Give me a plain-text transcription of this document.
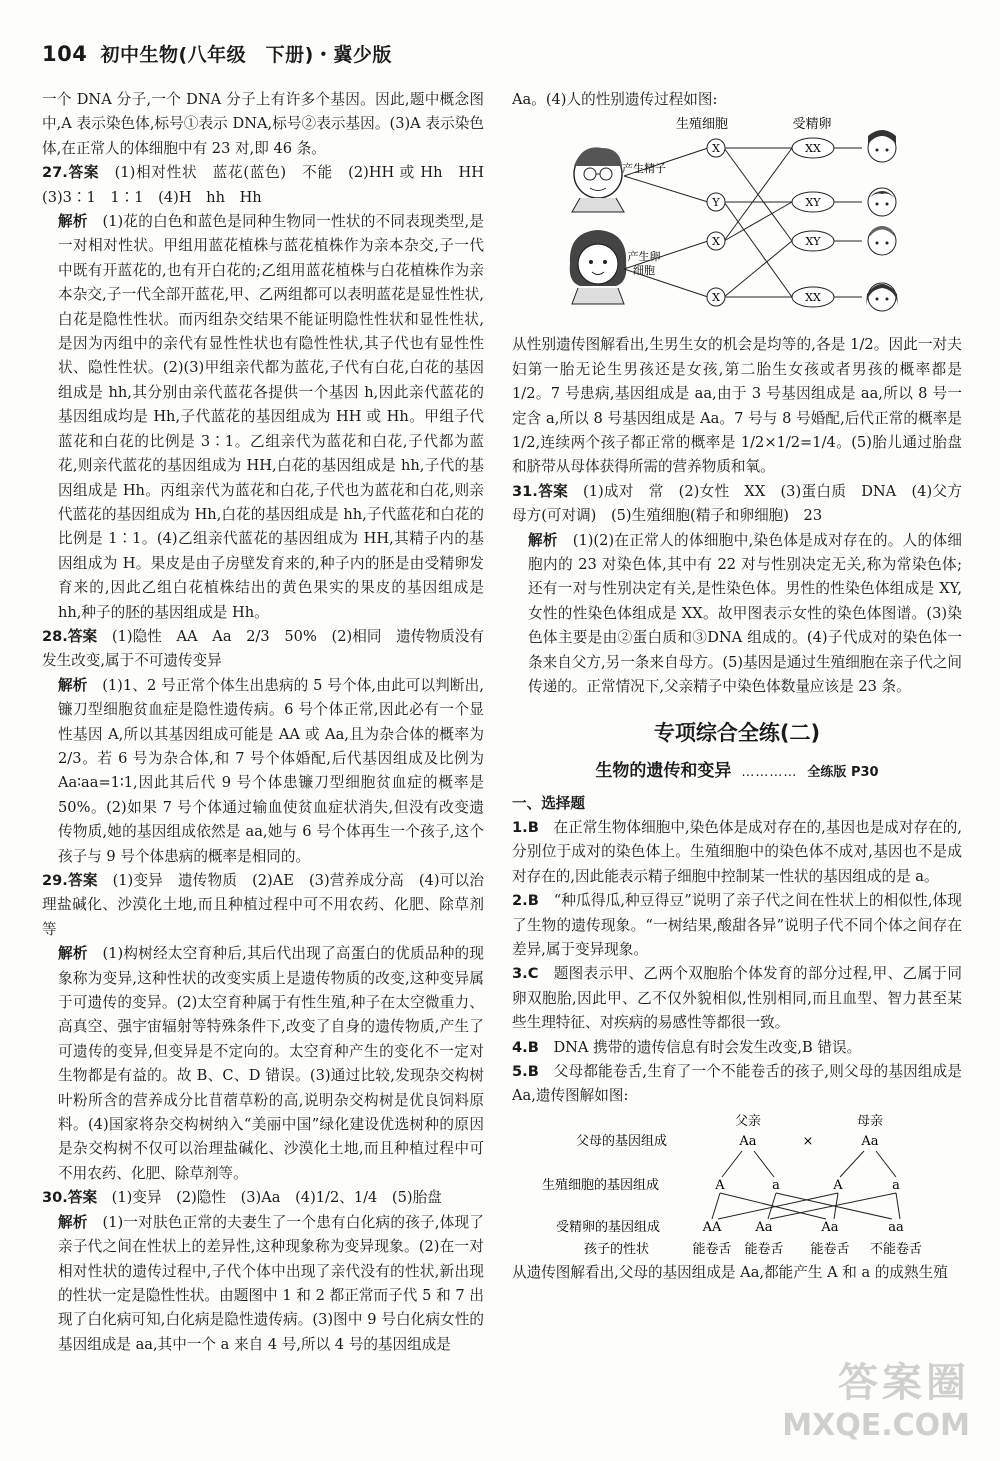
104 初中生物(八年级　下册)・冀少版

一个 DNA 分子,一个 DNA 分子上有许多个基因。因此,题中概念图中,A 表示染色体,标号①表示 DNA,标号②表示基因。(3)A 表示染色体,在正常人的体细胞中有 23 对,即 46 条。

27.答案　 (1)相对性状　蓝花(蓝色)　不能　(2)HH 或 Hh　HH　(3)3∶1　1∶1　(4)H　hh　Hh

解析　 (1)花的白色和蓝色是同种生物同一性状的不同表现类型,是一对相对性状。甲组用蓝花植株与蓝花植株作为亲本杂交,子一代中既有开蓝花的,也有开白花的;乙组用蓝花植株与白花植株作为亲本杂交,子一代全部开蓝花,甲、乙两组都可以表明蓝花是显性性状,白花是隐性性状。而丙组杂交结果不能证明隐性性状和显性性状,是因为丙组中的亲代有显性性状也有隐性性状,其子代也有显性性状、隐性性状。(2)(3)甲组亲代都为蓝花,子代有白花,白花的基因组成是 hh,其分别由亲代蓝花各提供一个基因 h,因此亲代蓝花的基因组成均是 Hh,子代蓝花的基因组成为 HH 或 Hh。甲组子代蓝花和白花的比例是 3∶1。乙组亲代为蓝花和白花,子代都为蓝花,则亲代蓝花的基因组成为 HH,白花的基因组成是 hh,子代的基因组成是 Hh。丙组亲代为蓝花和白花,子代也为蓝花和白花,则亲代蓝花的基因组成为 Hh,白花的基因组成是 hh,子代蓝花和白花的比例是 1∶1。(4)乙组亲代蓝花的基因组成为 HH,其精子内的基因组成为 H。果皮是由子房壁发育来的,种子内的胚是由受精卵发育来的,因此乙组白花植株结出的黄色果实的果皮的基因组成是 hh,种子的胚的基因组成是 Hh。

28.答案　 (1)隐性　AA　Aa　2/3　50%　(2)相同　遗传物质没有发生改变,属于不可遗传变异

解析　 (1)1、2 号正常个体生出患病的 5 号个体,由此可以判断出,镰刀型细胞贫血症是隐性遗传病。6 号个体正常,因此必有一个显性基因 A,所以其基因组成可能是 AA 或 Aa,且为杂合体的概率为 2/3。若 6 号为杂合体,和 7 号个体婚配,后代基因组成及比例为 Aa∶aa=1∶1,因此其后代 9 号个体患镰刀型细胞贫血症的概率是 50%。(2)如果 7 号个体通过输血使贫血症状消失,但没有改变遗传物质,她的基因组成依然是 aa,她与 6 号个体再生一个孩子,这个孩子与 9 号个体患病的概率是相同的。

29.答案　 (1)变异　遗传物质　(2)AE　(3)营养成分高　(4)可以治理盐碱化、沙漠化土地,而且种植过程中可不用农药、化肥、除草剂等

解析　 (1)构树经太空育种后,其后代出现了高蛋白的优质品种的现象称为变异,这种性状的改变实质上是遗传物质的改变,这种变异属于可遗传的变异。(2)太空育种属于有性生殖,种子在太空微重力、高真空、强宇宙辐射等特殊条件下,改变了自身的遗传物质,产生了可遗传的变异,但变异是不定向的。太空育种产生的变化不一定对生物都是有益的。故 B、C、D 错误。(3)通过比较,发现杂交构树叶粉所含的营养成分比苜蓿草粉的高,说明杂交构树是优良饲料原料。(4)国家将杂交构树纳入“美丽中国”绿化建设优选树种的原因是杂交构树不仅可以治理盐碱化、沙漠化土地,而且种植过程中可不用农药、化肥、除草剂等。

30.答案　 (1)变异　(2)隐性　(3)Aa　(4)1/2、1/4　(5)胎盘

解析　 (1)一对肤色正常的夫妻生了一个患有白化病的孩子,体现了亲子代之间在性状上的差异性,这种现象称为变异现象。(2)在一对相对性状的遗传过程中,子代个体中出现了亲代没有的性状,新出现的性状一定是隐性性状。由题图中 1 和 2 都正常而子代 5 和 7 出现了白化病可知,白化病是隐性遗传病。(3)图中 9 号白化病女性的基因组成是 aa,其中一个 a 来自 4 号,所以 4 号的基因组成是

Aa。(4)人的性别遗传过程如图:

生殖细胞	受精卵
产生精子
产生卵
细胞
X
Y
X
X
XX
XY
XY
XX

从性别遗传图解看出,生男生女的机会是均等的,各是 1/2。因此一对夫妇第一胎无论生男孩还是女孩,第二胎生女孩或者男孩的概率都是 1/2。7 号患病,基因组成是 aa,由于 3 号基因组成是 aa,所以 8 号一定含 a,所以 8 号基因组成是 Aa。7 号与 8 号婚配,后代正常的概率是 1/2,连续两个孩子都正常的概率是 1/2×1/2=1/4。(5)胎儿通过胎盘和脐带从母体获得所需的营养物质和氧。

31.答案　 (1)成对　常　(2)女性　XX　(3)蛋白质　DNA　(4)父方　母方(可对调)　(5)生殖细胞(精子和卵细胞)　23

解析　 (1)(2)在正常人的体细胞中,染色体是成对存在的。人的体细胞内的 23 对染色体,其中有 22 对与性别决定无关,称为常染色体;还有一对与性别决定有关,是性染色体。男性的性染色体组成是 XY,女性的性染色体组成是 XX。故甲图表示女性的染色体图谱。(3)染色体主要是由②蛋白质和③DNA 组成的。(4)子代成对的染色体一条来自父方,另一条来自母方。(5)基因是通过生殖细胞在亲子代之间传递的。正常情况下,父亲精子中染色体数量应该是 23 条。

专项综合全练(二)
生物的遗传和变异 ………… 全练版 P30

一、选择题

1.B　 在正常生物体细胞中,染色体是成对存在的,基因也是成对存在的,分别位于成对的染色体上。生殖细胞中的染色体不成对,基因也不是成对存在的,因此能表示精子细胞中控制某一性状的基因组成的是 a。

2.B　 “种瓜得瓜,种豆得豆”说明了亲子代之间在性状上的相似性,体现了生物的遗传现象。“一树结果,酸甜各异”说明子代不同个体之间存在差异,属于变异现象。

3.C　 题图表示甲、乙两个双胞胎个体发育的部分过程,甲、乙属于同卵双胞胎,因此甲、乙不仅外貌相似,性别相同,而且血型、智力甚至某些生理特征、对疾病的易感性等都很一致。

4.B　 DNA 携带的遗传信息有时会发生改变,B 错误。

5.B　 父母都能卷舌,生育了一个不能卷舌的孩子,则父母的基因组成是 Aa,遗传图解如图:

父亲	母亲
父母的基因组成	Aa	×	Aa
生殖细胞的基因组成	A	a	A	a
受精卵的基因组成	AA	Aa	Aa	aa
孩子的性状	能卷舌 能卷舌 能卷舌 不能卷舌

从遗传图解看出,父母的基因组成是 Aa,都能产生 A 和 a 的成熟生殖

答案圈
MXQE.COM
